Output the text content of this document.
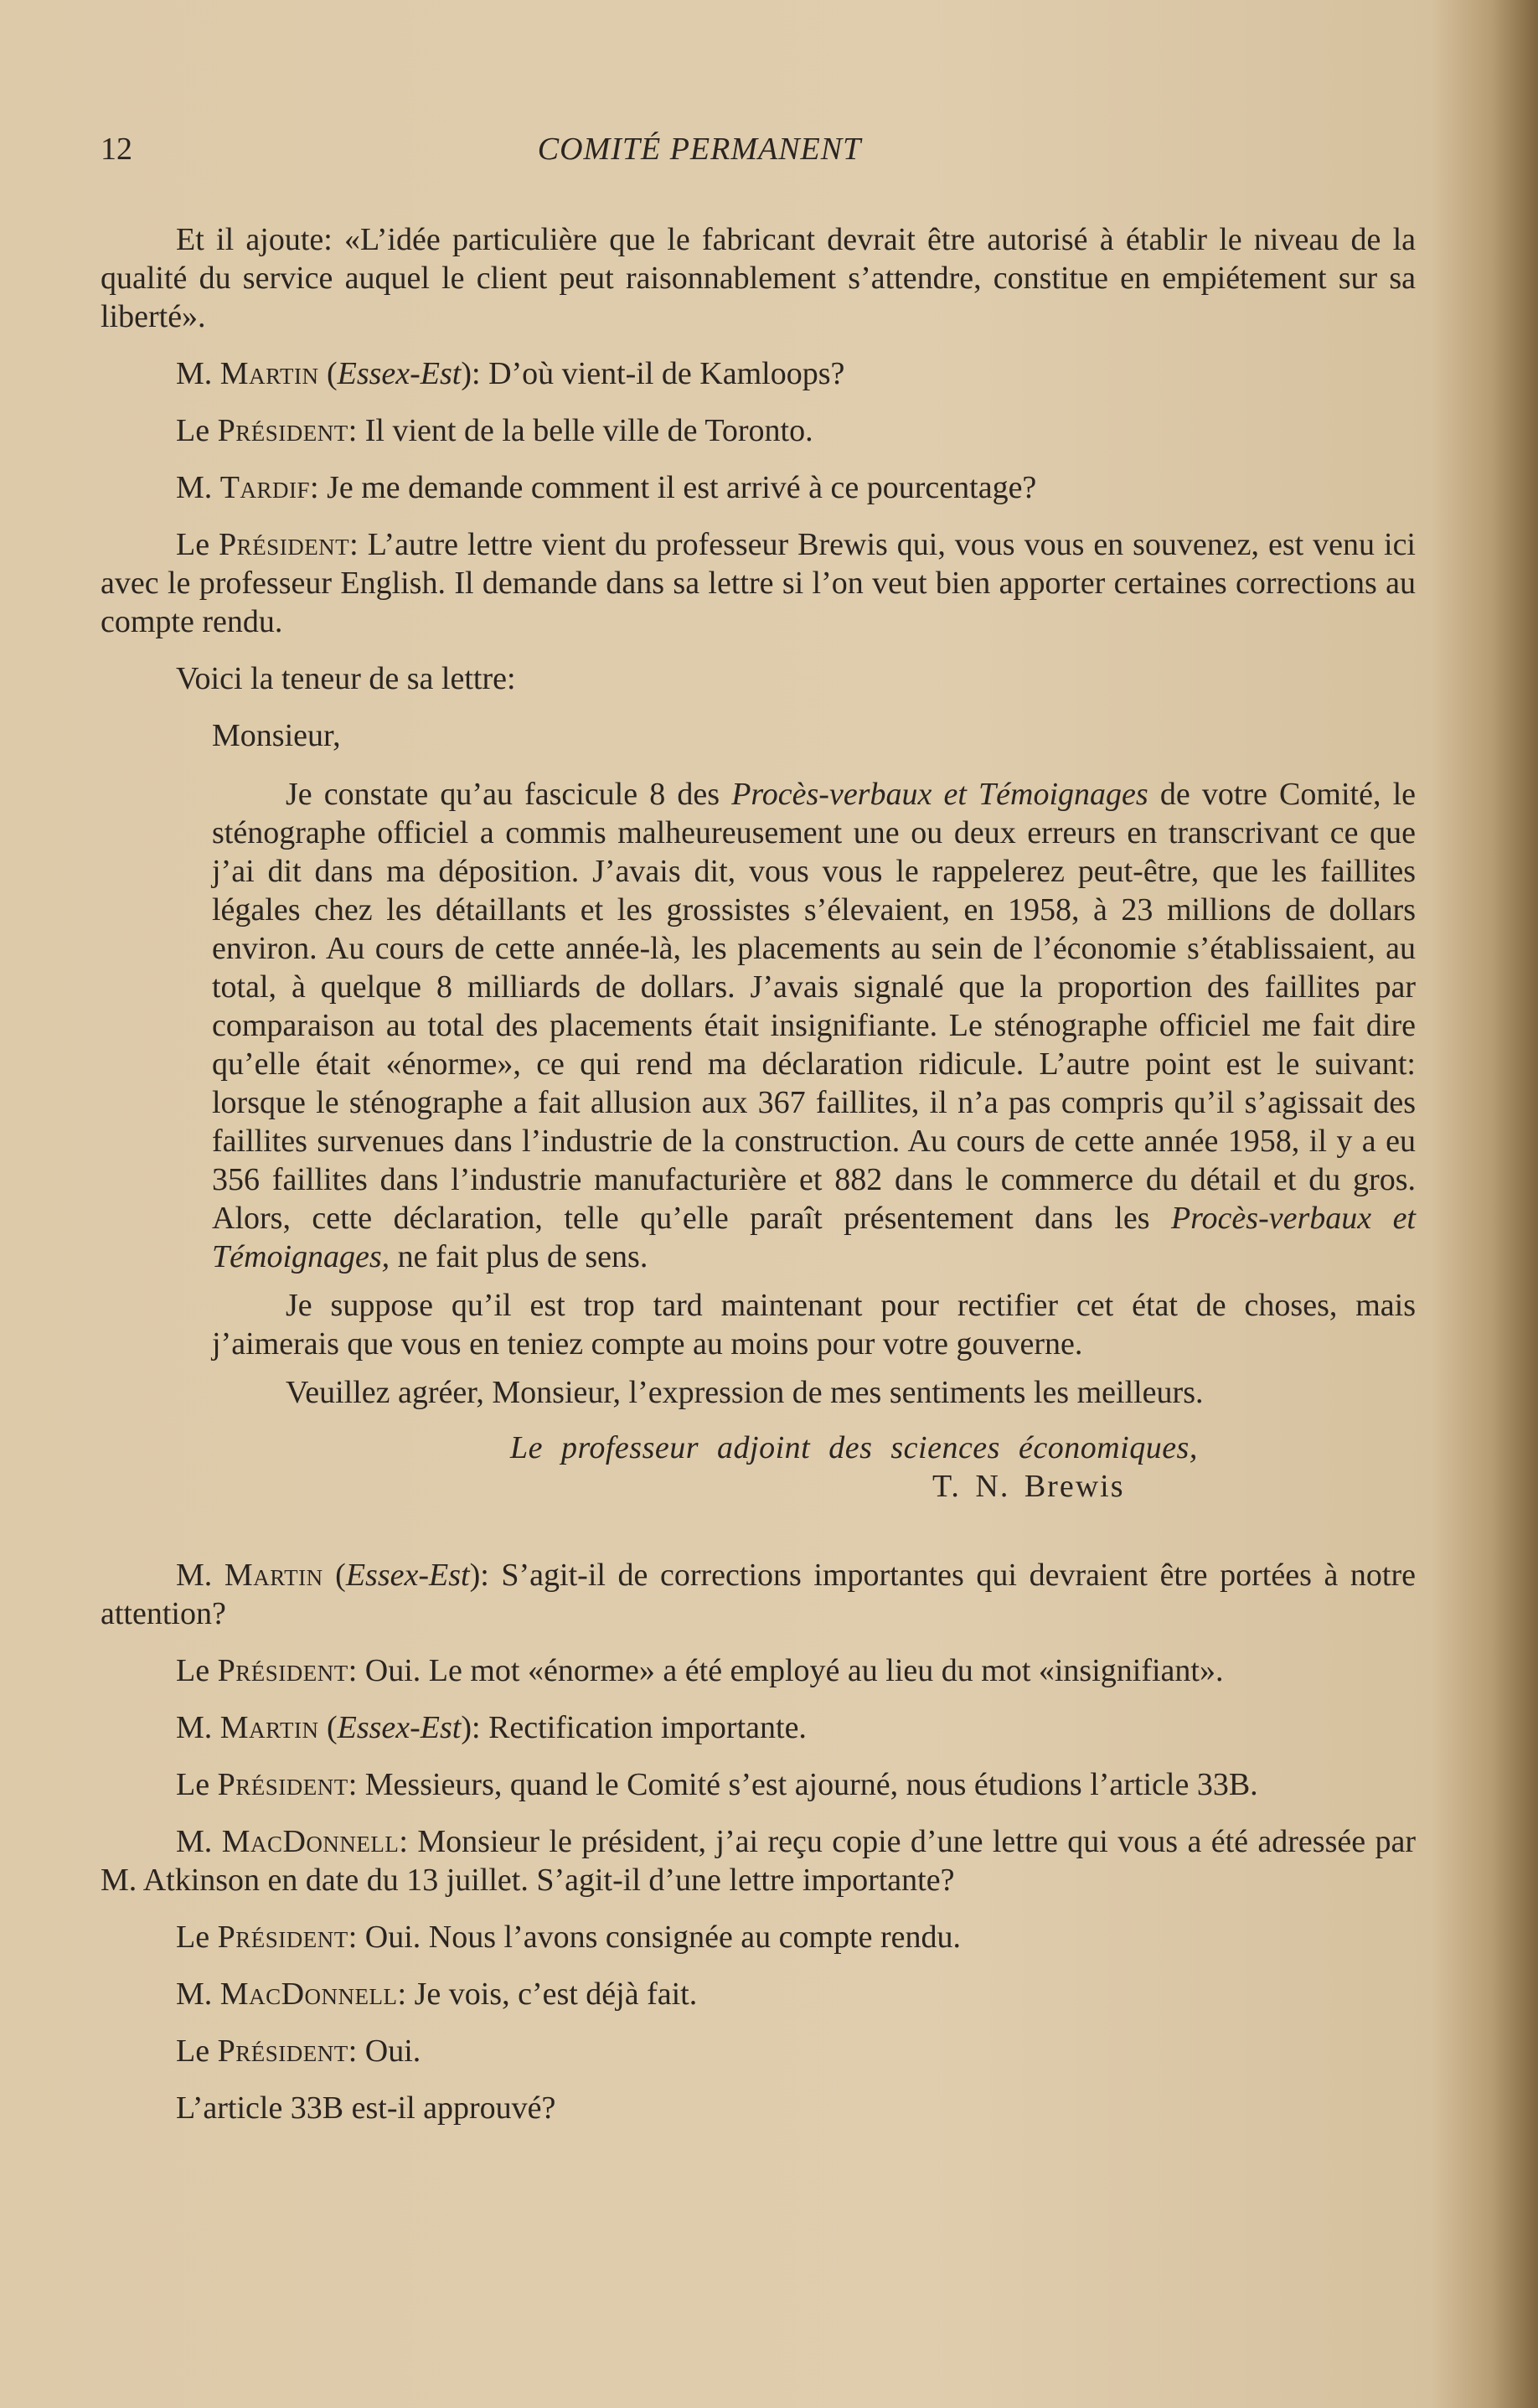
12	COMITÉ PERMANENT

Et il ajoute: «L’idée particulière que le fabricant devrait être autorisé à établir le niveau de la qualité du service auquel le client peut raisonnablement s’attendre, constitue en empiétement sur sa liberté».

M. Martin (Essex-Est): D’où vient-il de Kamloops?

Le Président: Il vient de la belle ville de Toronto.

M. Tardif: Je me demande comment il est arrivé à ce pourcentage?

Le Président: L’autre lettre vient du professeur Brewis qui, vous vous en souvenez, est venu ici avec le professeur English. Il demande dans sa lettre si l’on veut bien apporter certaines corrections au compte rendu.

Voici la teneur de sa lettre:

Monsieur,

Je constate qu’au fascicule 8 des Procès-verbaux et Témoignages de votre Comité, le sténographe officiel a commis malheureusement une ou deux erreurs en transcrivant ce que j’ai dit dans ma déposition. J’avais dit, vous vous le rappelerez peut-être, que les faillites légales chez les détaillants et les grossistes s’élevaient, en 1958, à 23 millions de dollars environ. Au cours de cette année-là, les placements au sein de l’économie s’établissaient, au total, à quelque 8 milliards de dollars. J’avais signalé que la proportion des faillites par comparaison au total des placements était insignifiante. Le sténographe officiel me fait dire qu’elle était «énorme», ce qui rend ma déclaration ridicule. L’autre point est le suivant: lorsque le sténographe a fait allusion aux 367 faillites, il n’a pas compris qu’il s’agissait des faillites survenues dans l’industrie de la construction. Au cours de cette année 1958, il y a eu 356 faillites dans l’industrie manufacturière et 882 dans le commerce du détail et du gros. Alors, cette déclaration, telle qu’elle paraît présentement dans les Procès-verbaux et Témoignages, ne fait plus de sens.

Je suppose qu’il est trop tard maintenant pour rectifier cet état de choses, mais j’aimerais que vous en teniez compte au moins pour votre gouverne.

Veuillez agréer, Monsieur, l’expression de mes sentiments les meilleurs.

Le professeur adjoint des sciences économiques,
T. N. Brewis

M. Martin (Essex-Est): S’agit-il de corrections importantes qui devraient être portées à notre attention?

Le Président: Oui. Le mot «énorme» a été employé au lieu du mot «insignifiant».

M. Martin (Essex-Est): Rectification importante.

Le Président: Messieurs, quand le Comité s’est ajourné, nous étudions l’article 33B.

M. MacDonnell: Monsieur le président, j’ai reçu copie d’une lettre qui vous a été adressée par M. Atkinson en date du 13 juillet. S’agit-il d’une lettre importante?

Le Président: Oui. Nous l’avons consignée au compte rendu.

M. MacDonnell: Je vois, c’est déjà fait.

Le Président: Oui.

L’article 33B est-il approuvé?
